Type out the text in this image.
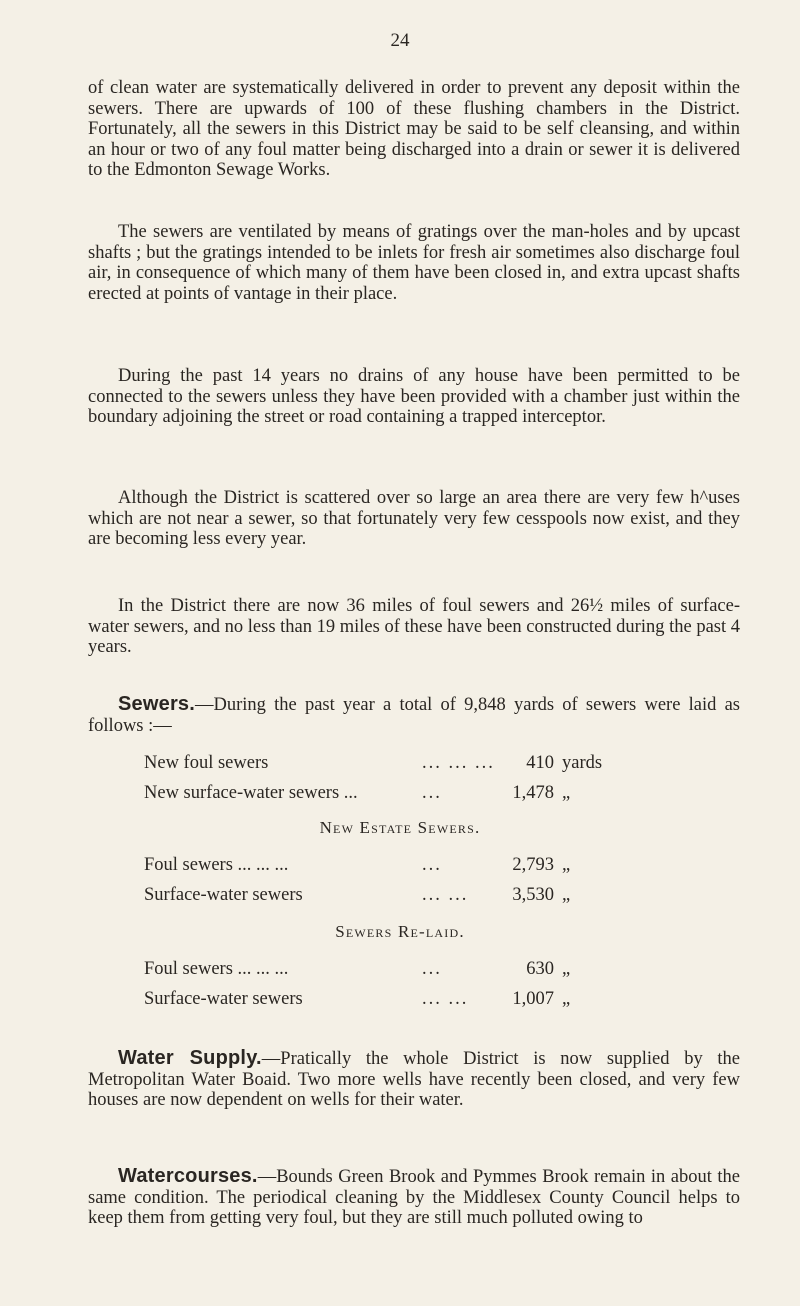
24

of clean water are systematically delivered in order to prevent any deposit within the sewers. There are upwards of 100 of these flushing chambers in the District. Fortunately, all the sewers in this District may be said to be self cleansing, and within an hour or two of any foul matter being discharged into a drain or sewer it is delivered to the Edmonton Sewage Works.

The sewers are ventilated by means of gratings over the man-holes and by upcast shafts ; but the gratings intended to be inlets for fresh air sometimes also discharge foul air, in consequence of which many of them have been closed in, and extra upcast shafts erected at points of vantage in their place.

During the past 14 years no drains of any house have been permitted to be connected to the sewers unless they have been provided with a chamber just within the boundary adjoining the street or road containing a trapped interceptor.

Although the District is scattered over so large an area there are very few h^uses which are not near a sewer, so that fortunately very few cesspools now exist, and they are becoming less every year.

In the District there are now 36 miles of foul sewers and 26½ miles of surface-water sewers, and no less than 19 miles of these have been constructed during the past 4 years.

Sewers.—During the past year a total of 9,848 yards of sewers were laid as follows :—

New foul sewers	... ... ... 410 yards
New surface-water sewers ...	...	1,478 „
New Estate Sewers.
Foul sewers ... ... ...	...	2,793 „
Surface-water sewers	... ... 3,530 „
Sewers Re-laid.
Foul sewers ... ... ...	...	630 „
Surface-water sewers	... ... 1,007 „

Water Supply.—Pratically the whole District is now supplied by the Metropolitan Water Boaid. Two more wells have recently been closed, and very few houses are now dependent on wells for their water.

Watercourses.—Bounds Green Brook and Pymmes Brook remain in about the same condition. The periodical cleaning by the Middlesex County Council helps to keep them from getting very foul, but they are still much polluted owing to
